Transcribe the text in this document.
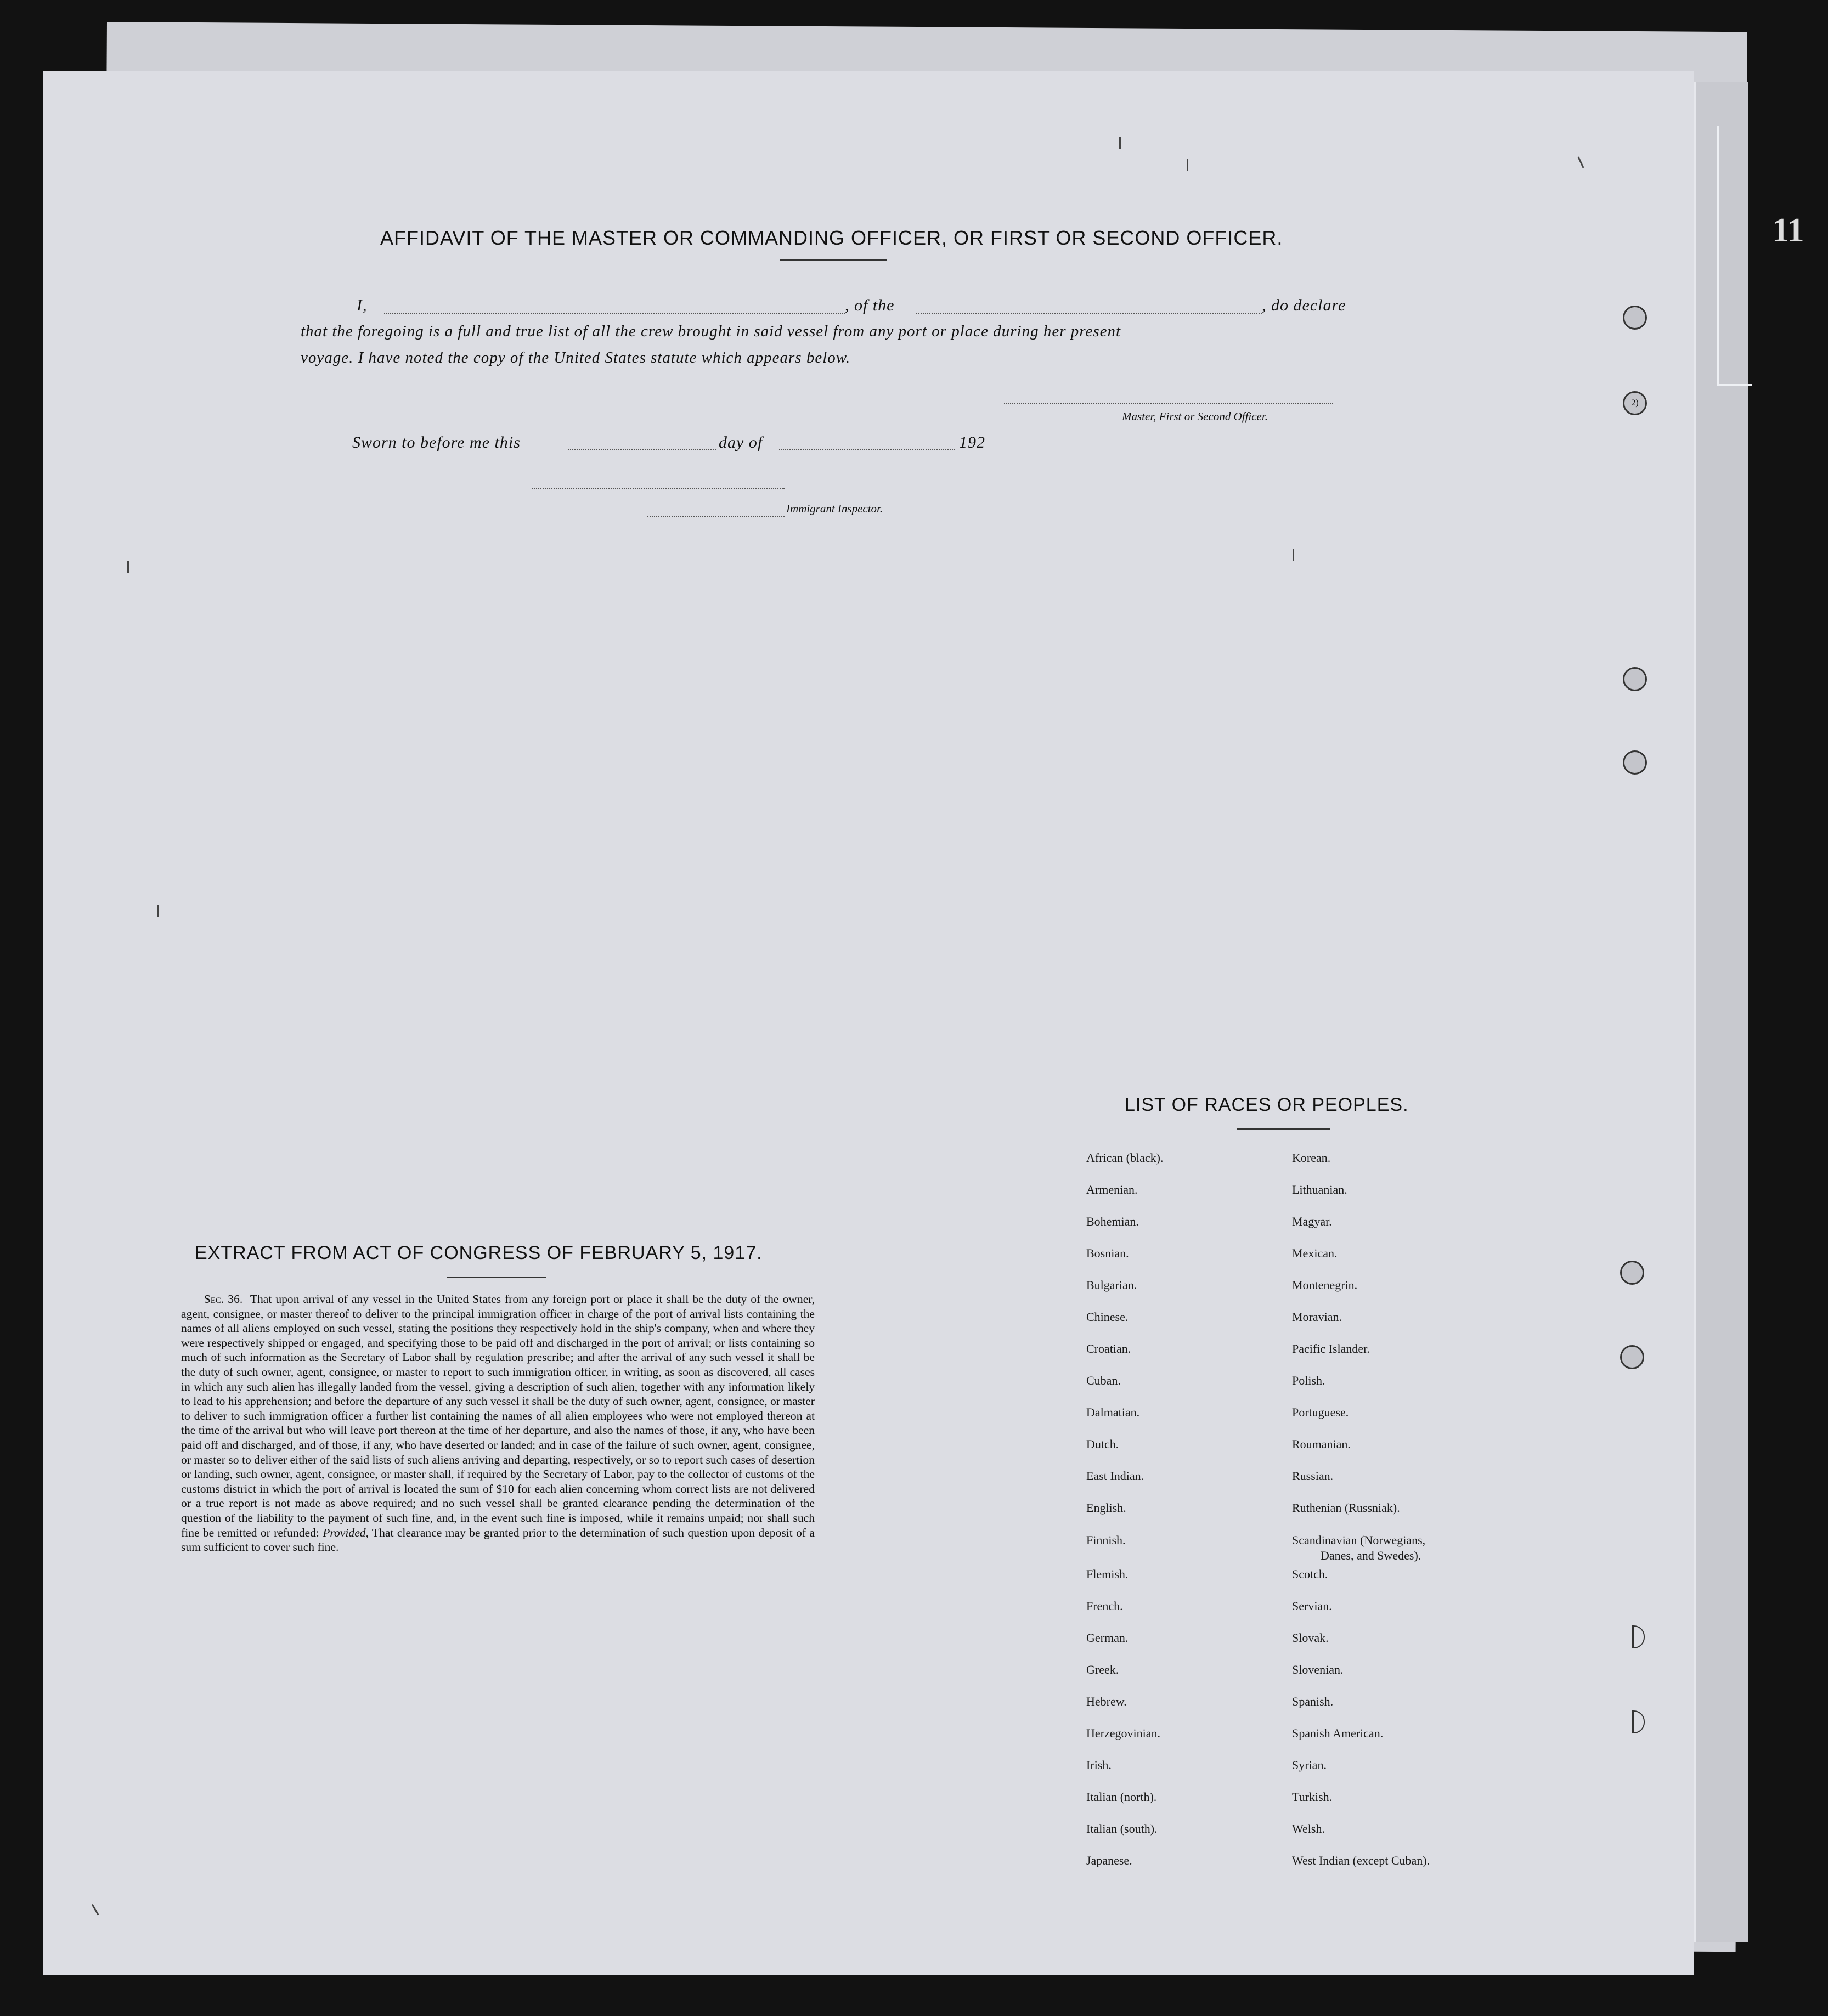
11
AFFIDAVIT OF THE MASTER OR COMMANDING OFFICER, OR FIRST OR SECOND OFFICER.
I,	, of the	, do declare
that the foregoing is a full and true list of all the crew brought in said vessel from any port or place during her present
voyage. I have noted the copy of the United States statute which appears below.
Master, First or Second Officer.
Sworn to before me this	day of	192
Immigrant Inspector.
EXTRACT FROM ACT OF CONGRESS OF FEBRUARY 5, 1917.
Sec. 36. That upon arrival of any vessel in the United States from any foreign port or place it shall be the duty of the owner, agent, consignee, or master thereof to deliver to the principal immigration officer in charge of the port of arrival lists containing the names of all aliens employed on such vessel, stating the positions they respectively hold in the ship's company, when and where they were respectively shipped or engaged, and specifying those to be paid off and discharged in the port of arrival; or lists containing so much of such information as the Secretary of Labor shall by regulation prescribe; and after the arrival of any such vessel it shall be the duty of such owner, agent, consignee, or master to report to such immigration officer, in writing, as soon as discovered, all cases in which any such alien has illegally landed from the vessel, giving a description of such alien, together with any information likely to lead to his apprehension; and before the departure of any such vessel it shall be the duty of such owner, agent, consignee, or master to deliver to such immigration officer a further list containing the names of all alien employees who were not employed thereon at the time of the arrival but who will leave port thereon at the time of her departure, and also the names of those, if any, who have been paid off and discharged, and of those, if any, who have deserted or landed; and in case of the failure of such owner, agent, consignee, or master so to deliver either of the said lists of such aliens arriving and departing, respectively, or so to report such cases of desertion or landing, such owner, agent, consignee, or master shall, if required by the Secretary of Labor, pay to the collector of customs of the customs district in which the port of arrival is located the sum of $10 for each alien concerning whom correct lists are not delivered or a true report is not made as above required; and no such vessel shall be granted clearance pending the determination of the question of the liability to the payment of such fine, and, in the event such fine is imposed, while it remains unpaid; nor shall such fine be remitted or refunded: Provided, That clearance may be granted prior to the determination of such question upon deposit of a sum sufficient to cover such fine.
LIST OF RACES OR PEOPLES.
African (black).
Armenian.
Bohemian.
Bosnian.
Bulgarian.
Chinese.
Croatian.
Cuban.
Dalmatian.
Dutch.
East Indian.
English.
Finnish.
Flemish.
French.
German.
Greek.
Hebrew.
Herzegovinian.
Irish.
Italian (north).
Italian (south).
Japanese.
Korean.
Lithuanian.
Magyar.
Mexican.
Montenegrin.
Moravian.
Pacific Islander.
Polish.
Portuguese.
Roumanian.
Russian.
Ruthenian (Russniak).
Scandinavian (Norwegians,
Danes, and Swedes).
Scotch.
Servian.
Slovak.
Slovenian.
Spanish.
Spanish American.
Syrian.
Turkish.
Welsh.
West Indian (except Cuban).
2)
